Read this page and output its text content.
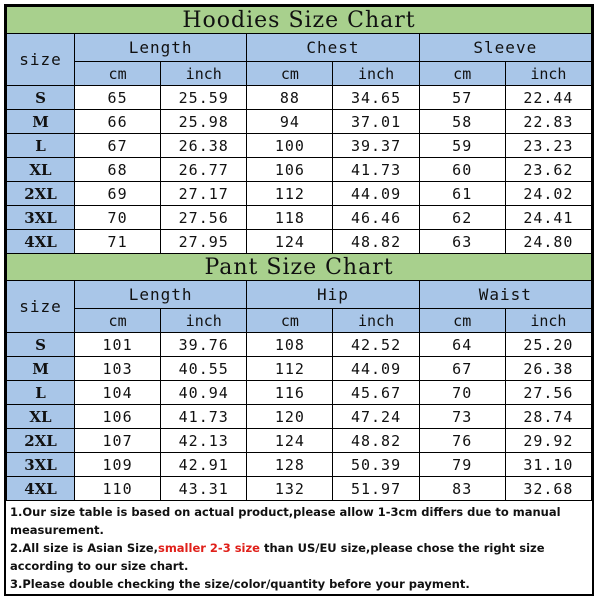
Hoodies Size Chart						
size	Length		Chest		Sleeve	
	cm	inch	cm	inch	cm	inch
S	65	25.59	88	34.65	57	22.44
M	66	25.98	94	37.01	58	22.83
L	67	26.38	100	39.37	59	23.23
XL	68	26.77	106	41.73	60	23.62
2XL	69	27.17	112	44.09	61	24.02
3XL	70	27.56	118	46.46	62	24.41
4XL	71	27.95	124	48.82	63	24.80
Pant Size Chart						
size	Length		Hip		Waist	
	cm	inch	cm	inch	cm	inch
S	101	39.76	108	42.52	64	25.20
M	103	40.55	112	44.09	67	26.38
L	104	40.94	116	45.67	70	27.56
XL	106	41.73	120	47.24	73	28.74
2XL	107	42.13	124	48.82	76	29.92
3XL	109	42.91	128	50.39	79	31.10
4XL	110	43.31	132	51.97	83	32.68

1.Our size table is based on actual product,please allow 1-3cm differs due to manual measurement.

2.All size is Asian Size,smaller 2-3 size than US/EU size,please chose the right size according to our size chart.

3.Please double checking the size/color/quantity before your payment.
